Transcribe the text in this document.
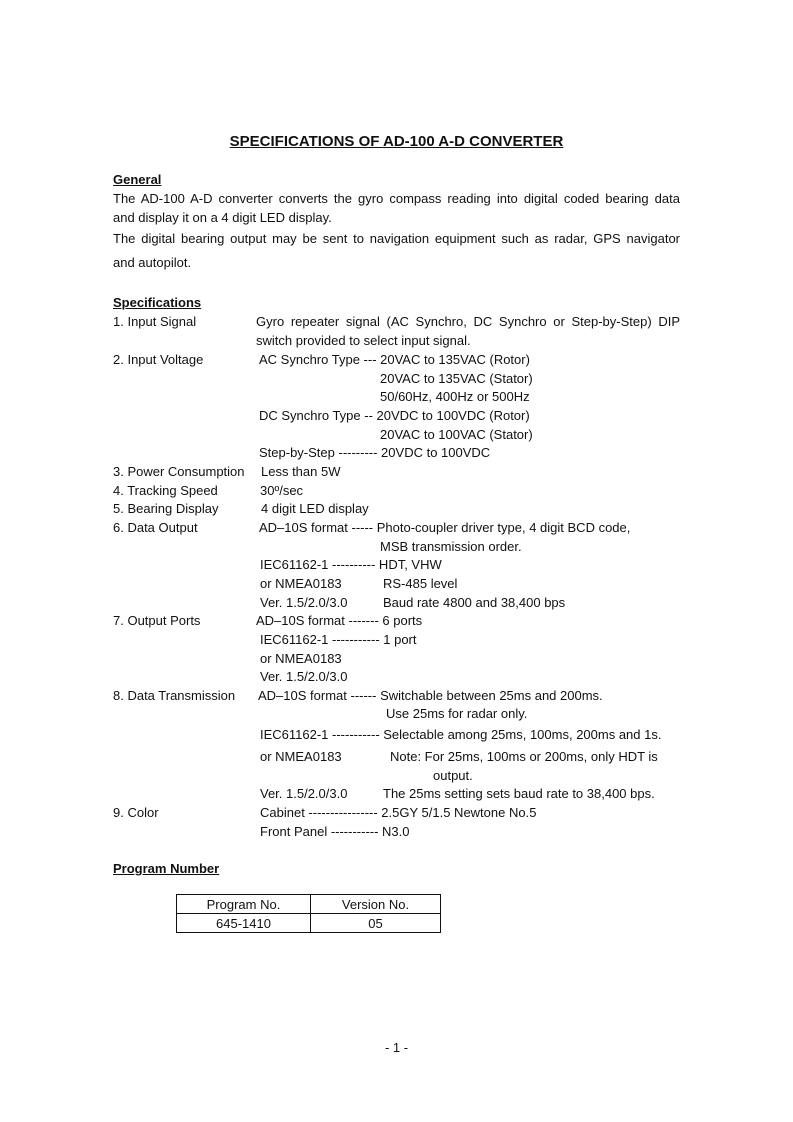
SPECIFICATIONS OF AD-100 A-D CONVERTER
General
The AD-100 A-D converter converts the gyro compass reading into digital coded bearing data
and display it on a 4 digit LED display.
The digital bearing output may be sent to navigation equipment such as radar, GPS navigator
and autopilot.
Specifications
1. Input Signal	Gyro repeater signal (AC Synchro, DC Synchro or Step-by-Step) DIP
switch provided to select input signal.
2. Input Voltage	AC Synchro Type --- 20VAC to 135VAC (Rotor)
20VAC to 135VAC (Stator)
50/60Hz, 400Hz or 500Hz
DC Synchro Type -- 20VDC to 100VDC (Rotor)
20VAC to 100VAC (Stator)
Step-by-Step --------- 20VDC to 100VDC
3. Power Consumption Less than 5W
4. Tracking Speed	30º/sec
5. Bearing Display	4 digit LED display
6. Data Output	AD–10S format ----- Photo-coupler driver type, 4 digit BCD code,
MSB transmission order.
IEC61162-1 ---------- HDT, VHW
or NMEA0183	RS-485 level
Ver. 1.5/2.0/3.0	Baud rate 4800 and 38,400 bps
7. Output Ports	AD–10S format ------- 6 ports
IEC61162-1 ----------- 1 port
or NMEA0183
Ver. 1.5/2.0/3.0
8. Data Transmission AD–10S format ------ Switchable between 25ms and 200ms.
Use 25ms for radar only.
IEC61162-1 ----------- Selectable among 25ms, 100ms, 200ms and 1s.
or NMEA0183	Note: For 25ms, 100ms or 200ms, only HDT is
output.
Ver. 1.5/2.0/3.0	The 25ms setting sets baud rate to 38,400 bps.
9. Color	Cabinet ---------------- 2.5GY 5/1.5 Newtone No.5
Front Panel ----------- N3.0
Program Number
Program No.	Version No.
645-1410	05
- 1 -
